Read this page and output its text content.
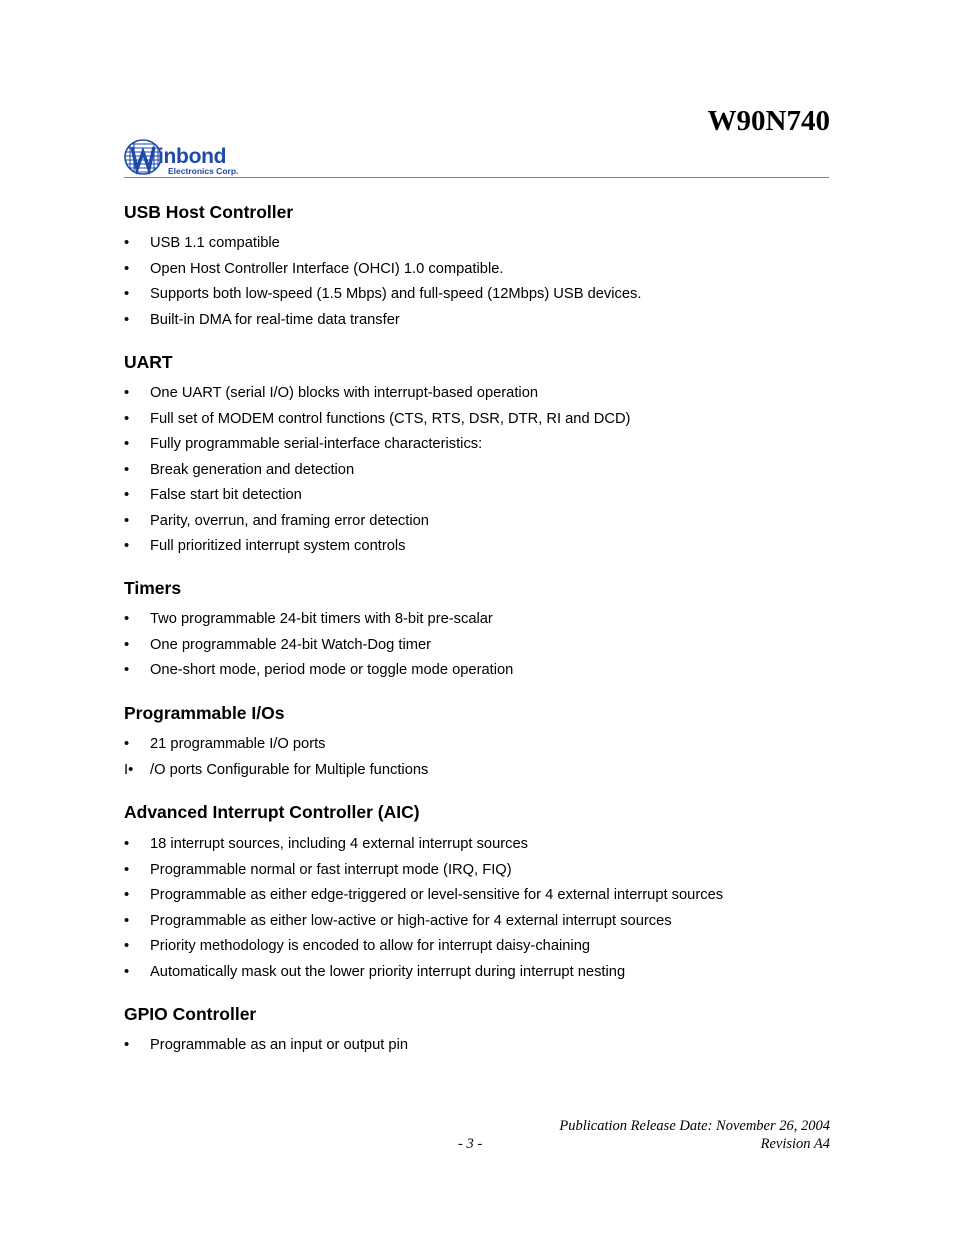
W90N740
inbond
Electronics Corp.
USB Host Controller
•	USB 1.1 compatible
•	Open Host Controller Interface (OHCI) 1.0 compatible.
•	Supports both low-speed (1.5 Mbps) and full-speed (12Mbps) USB devices.
•	Built-in DMA for real-time data transfer
UART
•	One UART (serial I/O) blocks with interrupt-based operation
•	Full set of MODEM control functions (CTS, RTS, DSR, DTR, RI and DCD)
•	Fully programmable serial-interface characteristics:
•	Break generation and detection
•	False start bit detection
•	Parity, overrun, and framing error detection
•	Full prioritized interrupt system controls
Timers
•	Two programmable 24-bit timers with 8-bit pre-scalar
•	One programmable 24-bit Watch-Dog timer
•	One-short mode, period mode or toggle mode operation
Programmable I/Os
•	21 programmable I/O ports
I•	/O ports Configurable for Multiple functions
Advanced Interrupt Controller (AIC)
•	18 interrupt sources, including 4 external interrupt sources
•	Programmable normal or fast interrupt mode (IRQ, FIQ)
•	Programmable as either edge-triggered or level-sensitive for 4 external interrupt sources
•	Programmable as either low-active or high-active for 4 external interrupt sources
•	Priority methodology is encoded to allow for interrupt daisy-chaining
•	Automatically mask out the lower priority interrupt during interrupt nesting
GPIO Controller
•	Programmable as an input or output pin
Publication Release Date: November 26, 2004
Revision A4
- 3 -
